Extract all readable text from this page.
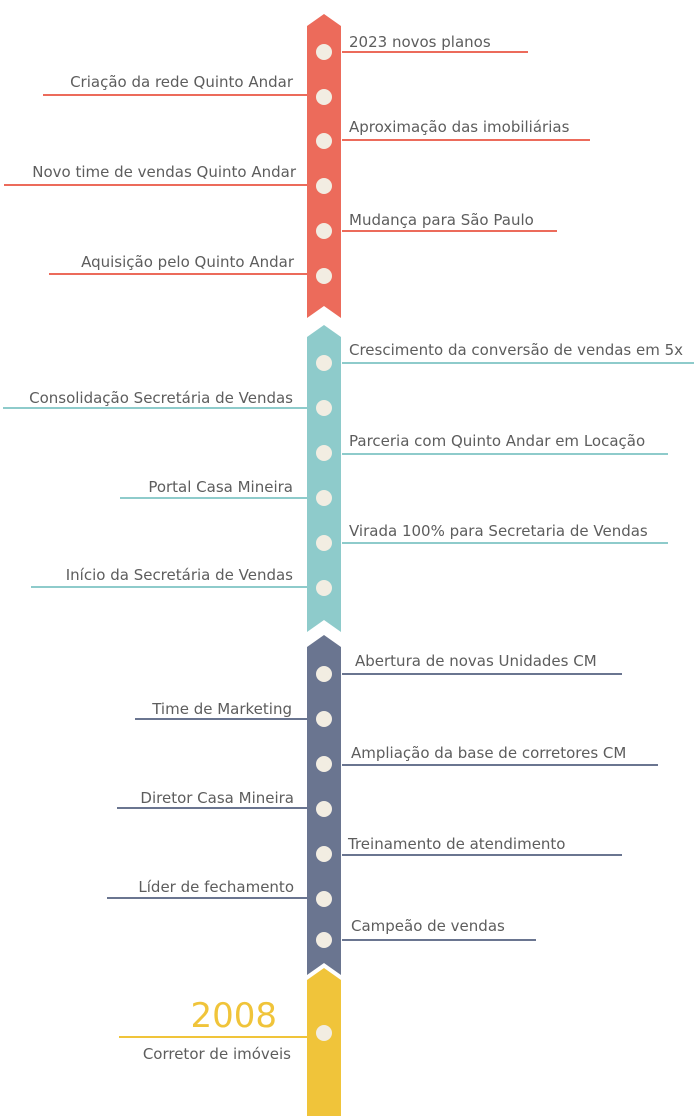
2023 novos planos
Criação da rede Quinto Andar
Aproximação das imobiliárias
Novo time de vendas Quinto Andar
Mudança para São Paulo
Aquisição pelo Quinto Andar
Crescimento da conversão de vendas em 5x
Consolidação Secretária de Vendas
Parceria com Quinto Andar em Locação
Portal Casa Mineira
Virada 100% para Secretaria de Vendas
Início da Secretária de Vendas
Abertura de novas Unidades CM
Time de Marketing
Ampliação da base de corretores CM
Diretor Casa Mineira
Treinamento de atendimento
Líder de fechamento
Campeão de vendas
Corretor de imóveis
2008
